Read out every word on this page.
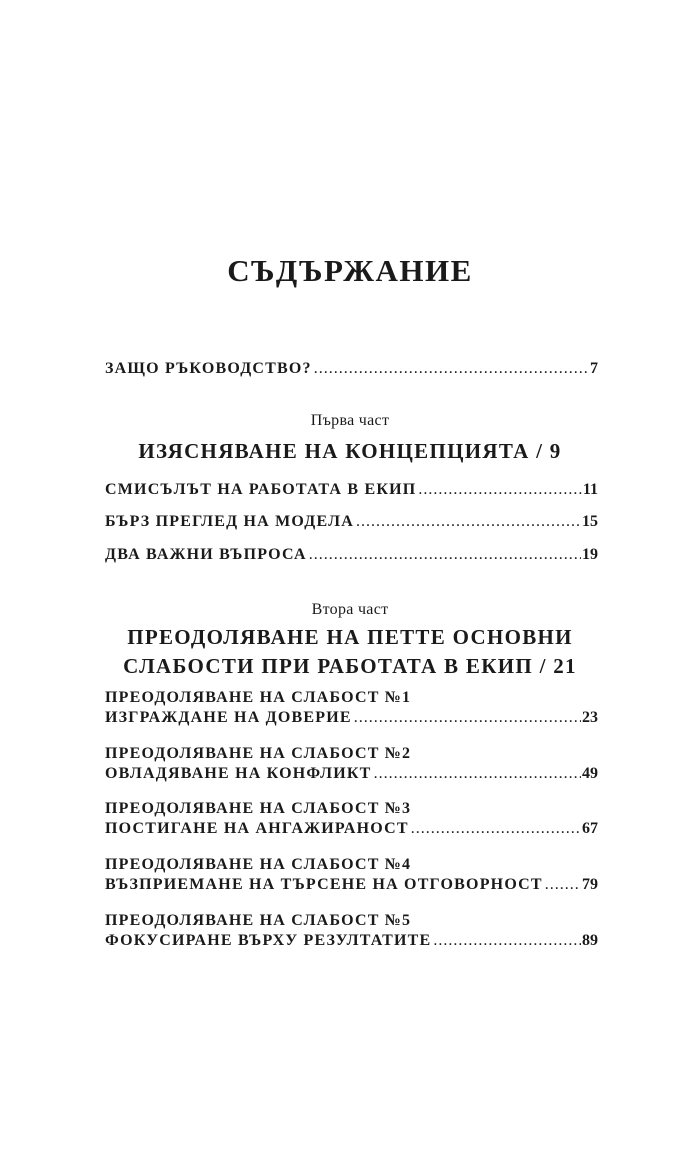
СЪДЪРЖАНИЕ
ЗАЩО РЪКОВОДСТВО? .....	7
Първа част
ИЗЯСНЯВАНЕ НА КОНЦЕПЦИЯТА / 9
СМИСЪЛЪТ НА РАБОТАТА В ЕКИП .....	11
БЪРЗ ПРЕГЛЕД НА МОДЕЛА .....	15
ДВА ВАЖНИ ВЪПРОСА .....	19
Втора част
ПРЕОДОЛЯВАНЕ НА ПЕТТЕ ОСНОВНИ
СЛАБОСТИ ПРИ РАБОТАТА В ЕКИП / 21
ПРЕОДОЛЯВАНЕ НА СЛАБОСТ №1
ИЗГРАЖДАНЕ НА ДОВЕРИЕ .....	23
ПРЕОДОЛЯВАНЕ НА СЛАБОСТ №2
ОВЛАДЯВАНЕ НА КОНФЛИКТ .....	49
ПРЕОДОЛЯВАНЕ НА СЛАБОСТ №3
ПОСТИГАНЕ НА АНГАЖИРАНОСТ .....	67
ПРЕОДОЛЯВАНЕ НА СЛАБОСТ №4
ВЪЗПРИЕМАНЕ НА ТЪРСЕНЕ НА ОТГОВОРНОСТ ..... 79
ПРЕОДОЛЯВАНЕ НА СЛАБОСТ №5
ФОКУСИРАНЕ ВЪРХУ РЕЗУЛТАТИТЕ .....	89
